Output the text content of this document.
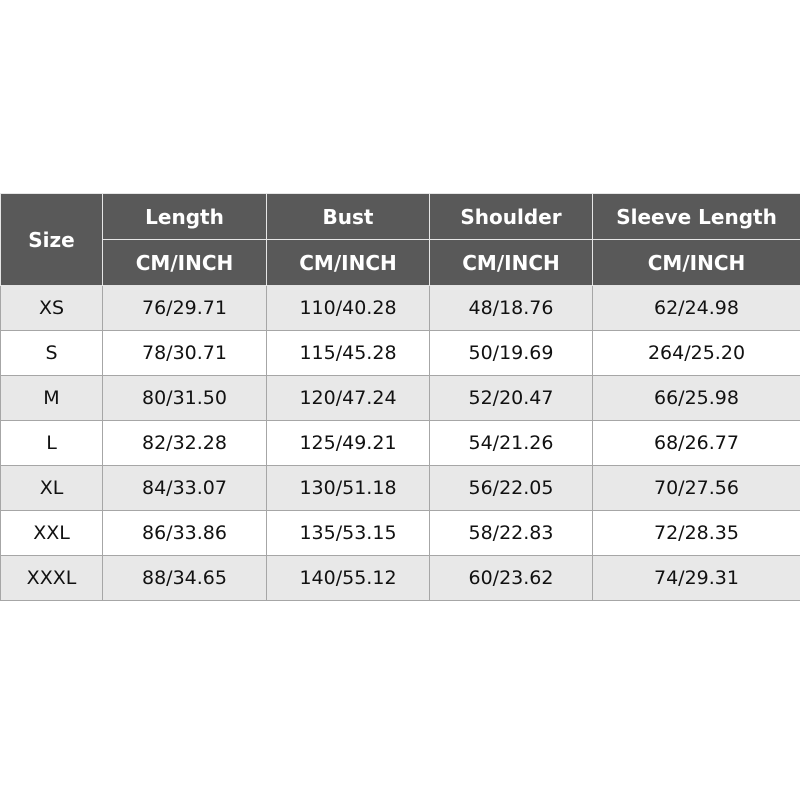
Size	Length	Bust	Shoulder	Sleeve Length
	CM/INCH	CM/INCH	CM/INCH	CM/INCH
XS	76/29.71	110/40.28	48/18.76	62/24.98
S	78/30.71	115/45.28	50/19.69	264/25.20
M	80/31.50	120/47.24	52/20.47	66/25.98
L	82/32.28	125/49.21	54/21.26	68/26.77
XL	84/33.07	130/51.18	56/22.05	70/27.56
XXL	86/33.86	135/53.15	58/22.83	72/28.35
XXXL	88/34.65	140/55.12	60/23.62	74/29.31
